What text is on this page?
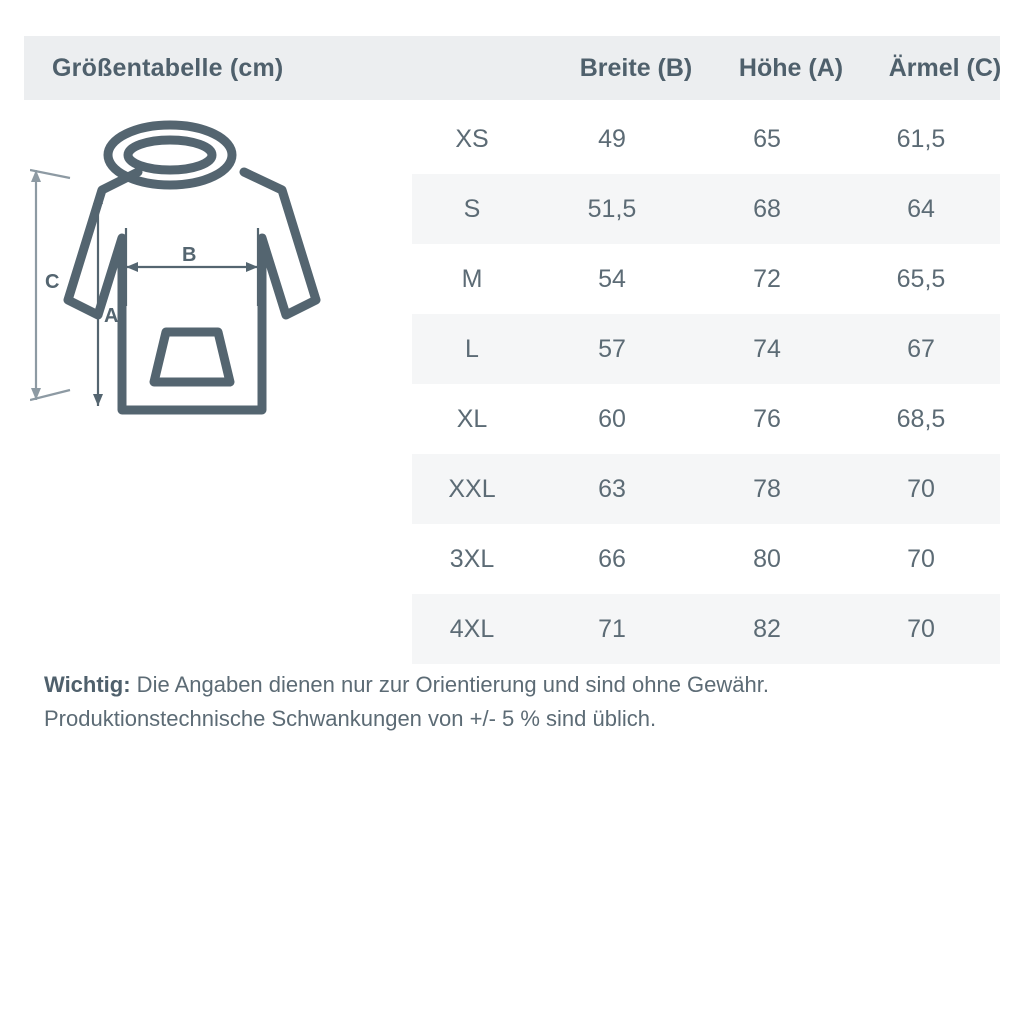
Größentabelle (cm)	Breite (B)	Höhe (A)	Ärmel (C)
B
A
C
XS	49	65	61,5
S	51,5	68	64
M	54	72	65,5
L	57	74	67
XL	60	76	68,5
XXL	63	78	70
3XL	66	80	70
4XL	71	82	70
Wichtig: Die Angaben dienen nur zur Orientierung und sind ohne Gewähr. Produktionstechnische Schwankungen von +/- 5 % sind üblich.
